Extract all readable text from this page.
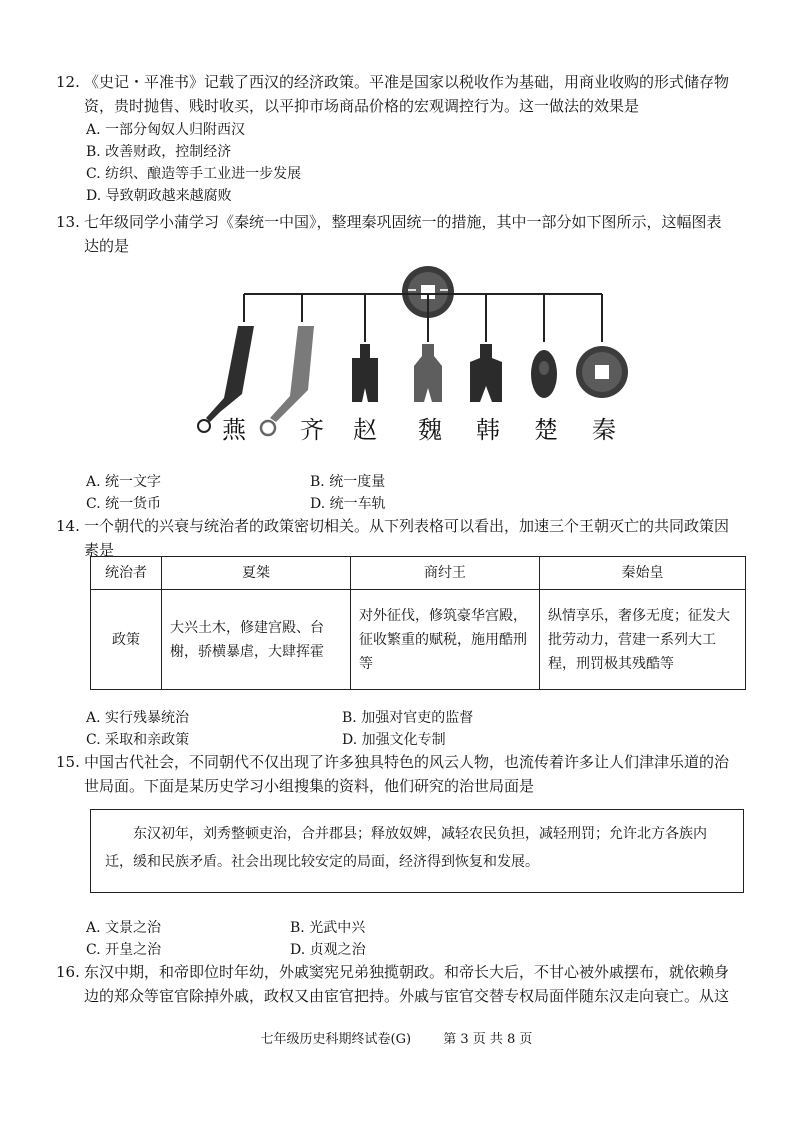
12. 《史记・平准书》记载了西汉的经济政策。平准是国家以税收作为基础，用商业收购的形式储存物
资，贵时抛售、贱时收买，以平抑市场商品价格的宏观调控行为。这一做法的效果是
A. 一部分匈奴人归附西汉
B. 改善财政，控制经济
C. 纺织、酿造等手工业进一步发展
D. 导致朝政越来越腐败
13. 七年级同学小蒲学习《秦统一中国》，整理秦巩固统一的措施，其中一部分如下图所示，这幅图表
达的是
燕 齐 赵 魏 韩 楚 秦
A. 统一文字	B. 统一度量
C. 统一货币	D. 统一车轨
14. 一个朝代的兴衰与统治者的政策密切相关。从下列表格可以看出，加速三个王朝灭亡的共同政策因
素是
统治者	夏桀	商纣王	秦始皇
政策	大兴土木，修建宫殿、台榭，骄横暴虐，大肆挥霍	对外征伐，修筑豪华宫殿，征收繁重的赋税，施用酷刑等	纵情享乐，奢侈无度；征发大批劳动力，营建一系列大工程，刑罚极其残酷等
A. 实行残暴统治	B. 加强对官吏的监督
C. 采取和亲政策	D. 加强文化专制
15. 中国古代社会，不同朝代不仅出现了许多独具特色的风云人物，也流传着许多让人们津津乐道的治
世局面。下面是某历史学习小组搜集的资料，他们研究的治世局面是
东汉初年，刘秀整顿吏治，合并郡县；释放奴婢，减轻农民负担，减轻刑罚；允许北方各族内迁，缓和民族矛盾。社会出现比较安定的局面，经济得到恢复和发展。
A. 文景之治	B. 光武中兴
C. 开皇之治	D. 贞观之治
16. 东汉中期，和帝即位时年幼，外戚窦宪兄弟独揽朝政。和帝长大后，不甘心被外戚摆布，就依赖身
边的郑众等宦官除掉外戚，政权又由宦官把持。外戚与宦官交替专权局面伴随东汉走向衰亡。从这
七年级历史科期终试卷(G) 第 3 页 共 8 页
